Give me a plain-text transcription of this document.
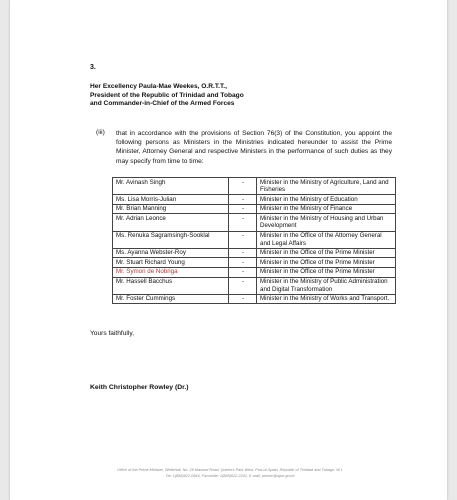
3.
Her Excellency Paula-Mae Weekes, O.R.T.T.,
President of the Republic of Trinidad and Tobago
and Commander-in-Chief of the Armed Forces
(iii) that in accordance with the provisions of Section 76(3) of the Constitution, you appoint the following persons as Ministers in the Ministries indicated hereunder to assist the Prime Minister, Attorney General and respective Ministers in the performance of such duties as they may specify from time to time:
Mr. Avinash Singh	-	Minister in the Ministry of Agriculture, Land and Fisheries
Ms. Lisa Morris-Julian	-	Minister in the Ministry of Education
Mr. Brian Manning	-	Minister in the Ministry of Finance
Mr. Adrian Leonce	-	Minister in the Ministry of Housing and Urban Development
Ms. Renuka Sagramsingh-Sooklal	-	Minister in the Office of the Attorney General and Legal Affairs
Ms. Ayanna Webster-Roy	-	Minister in the Office of the Prime Minister
Mr. Stuart Richard Young	-	Minister in the Office of the Prime Minister
Mr. Symon de Nobriga	-	Minister in the Office of the Prime Minister
Mr. Hassell Bacchus	-	Minister in the Ministry of Public Administration and Digital Transformation
Mr. Foster Cummings	-	Minister in the Ministry of Works and Transport.
Yours faithfully,
Keith Christopher Rowley (Dr.)
Office of the Prime Minister, Whitehall, No. 29 Maraval Road, Queen's Park West, Port-of-Spain, Republic of Trinidad and Tobago, W.I.
Tel: 1(868)622-0644, Facsimile: 1(868)622-2241, E-mail: pmsec@opm.gov.tt
